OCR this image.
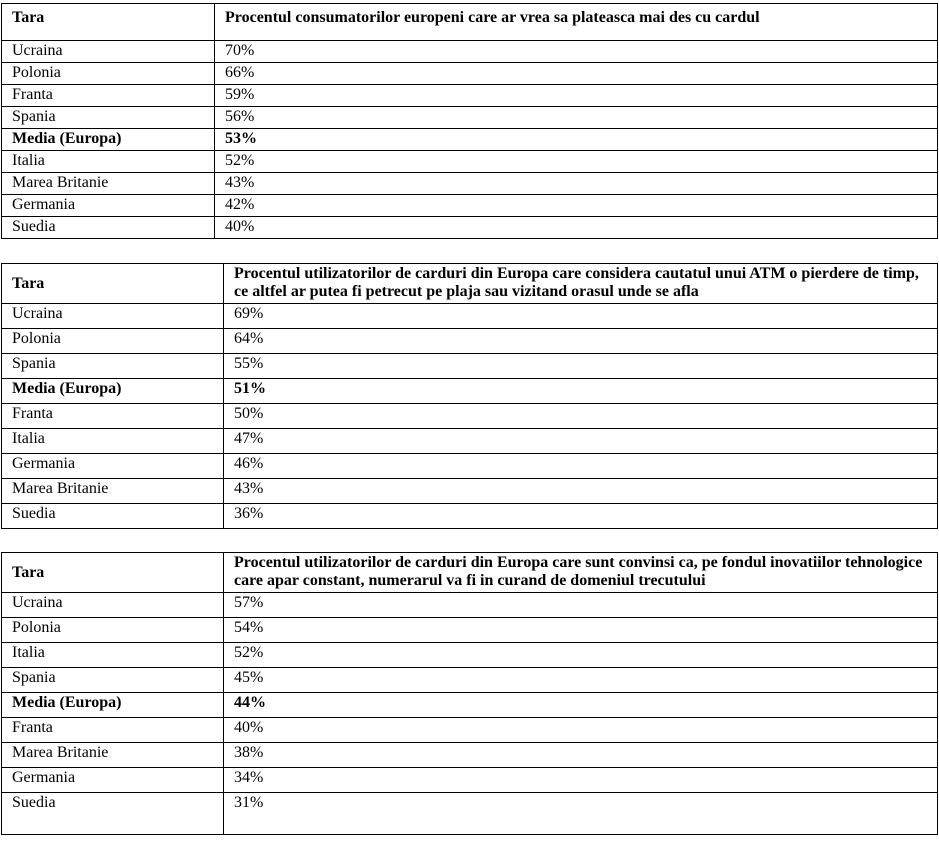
Tara	Procentul consumatorilor europeni care ar vrea sa plateasca mai des cu cardul
Ucraina	70%
Polonia	66%
Franta	59%
Spania	56%
Media (Europa)	53%
Italia	52%
Marea Britanie	43%
Germania	42%
Suedia	40%
Tara	Procentul utilizatorilor de carduri din Europa care considera cautatul unui ATM o pierdere de timp, ce altfel ar putea fi petrecut pe plaja sau vizitand orasul unde se afla
Ucraina	69%
Polonia	64%
Spania	55%
Media (Europa)	51%
Franta	50%
Italia	47%
Germania	46%
Marea Britanie	43%
Suedia	36%
Tara	Procentul utilizatorilor de carduri din Europa care sunt convinsi ca, pe fondul inovatiilor tehnologice care apar constant, numerarul va fi in curand de domeniul trecutului
Ucraina	57%
Polonia	54%
Italia	52%
Spania	45%
Media (Europa)	44%
Franta	40%
Marea Britanie	38%
Germania	34%
Suedia	31%
